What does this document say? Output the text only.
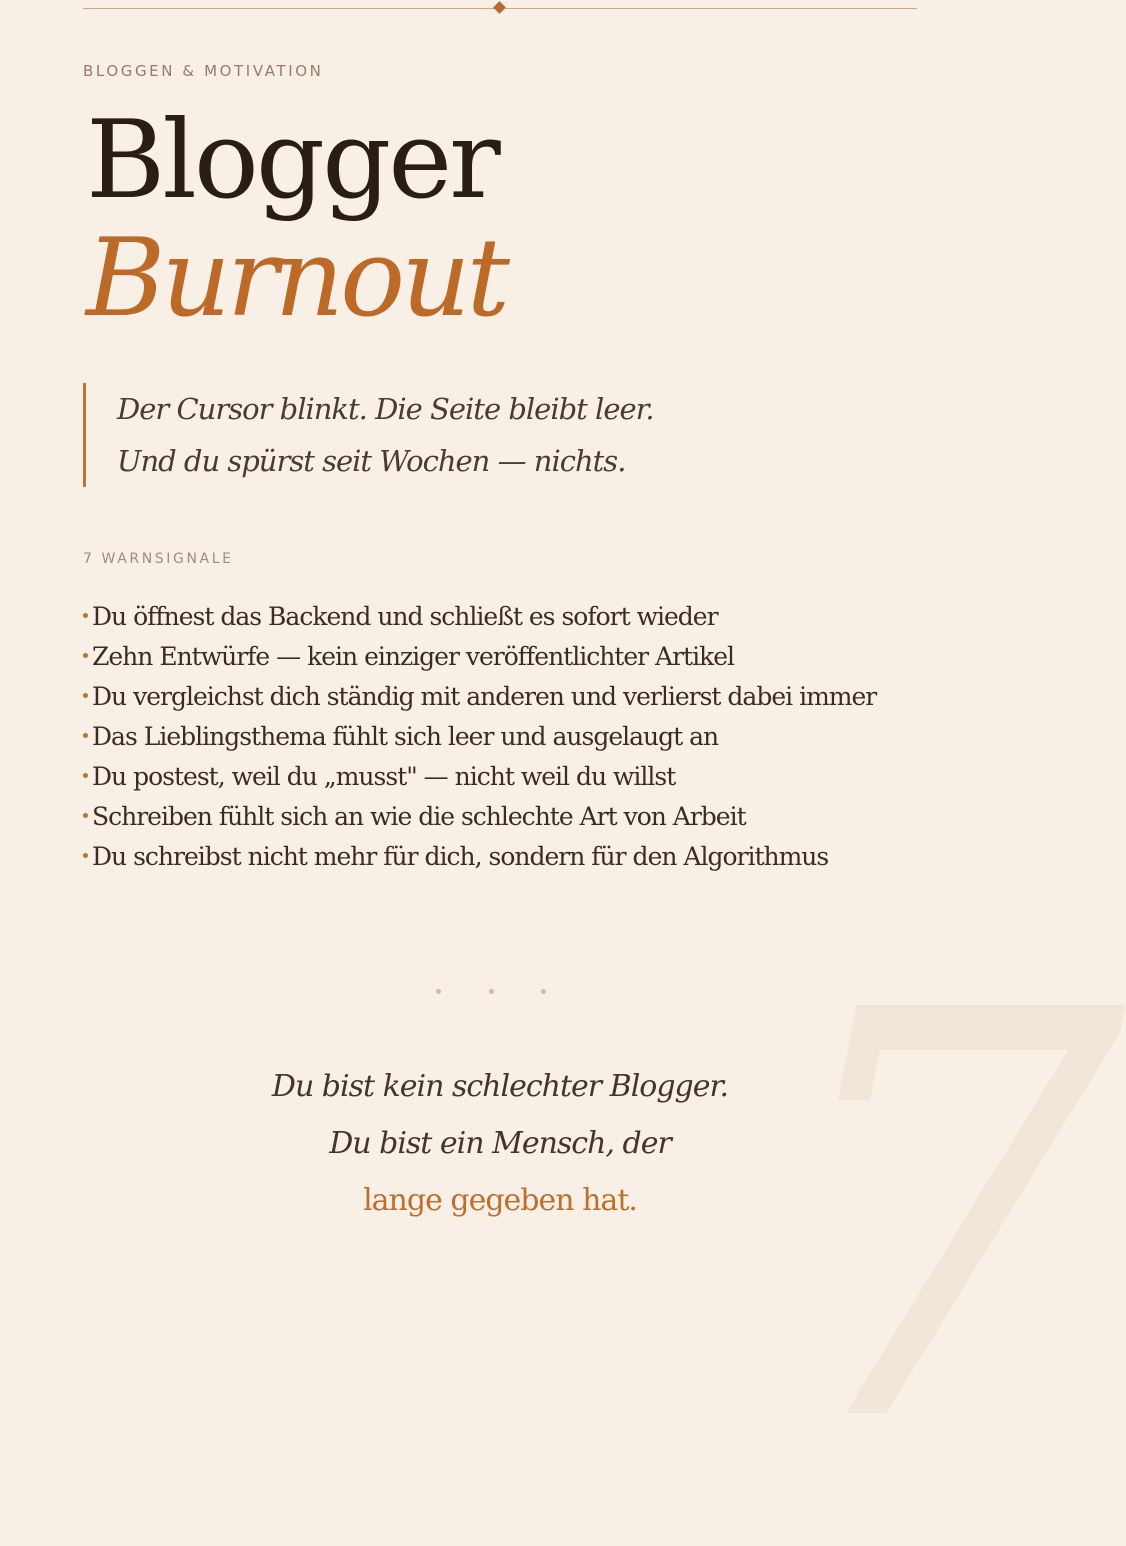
BLOGGEN & MOTIVATION
Blogger
Burnout
Der Cursor blinkt. Die Seite bleibt leer.
Und du spürst seit Wochen — nichts.
7 WARNSIGNALE
Du öffnest das Backend und schließt es sofort wieder
Zehn Entwürfe — kein einziger veröffentlichter Artikel
Du vergleichst dich ständig mit anderen und verlierst dabei immer
Das Lieblingsthema fühlt sich leer und ausgelaugt an
Du postest, weil du „musst" — nicht weil du willst
Schreiben fühlt sich an wie die schlechte Art von Arbeit
Du schreibst nicht mehr für dich, sondern für den Algorithmus
7
Du bist kein schlechter Blogger.
Du bist ein Mensch, der
lange gegeben hat.
